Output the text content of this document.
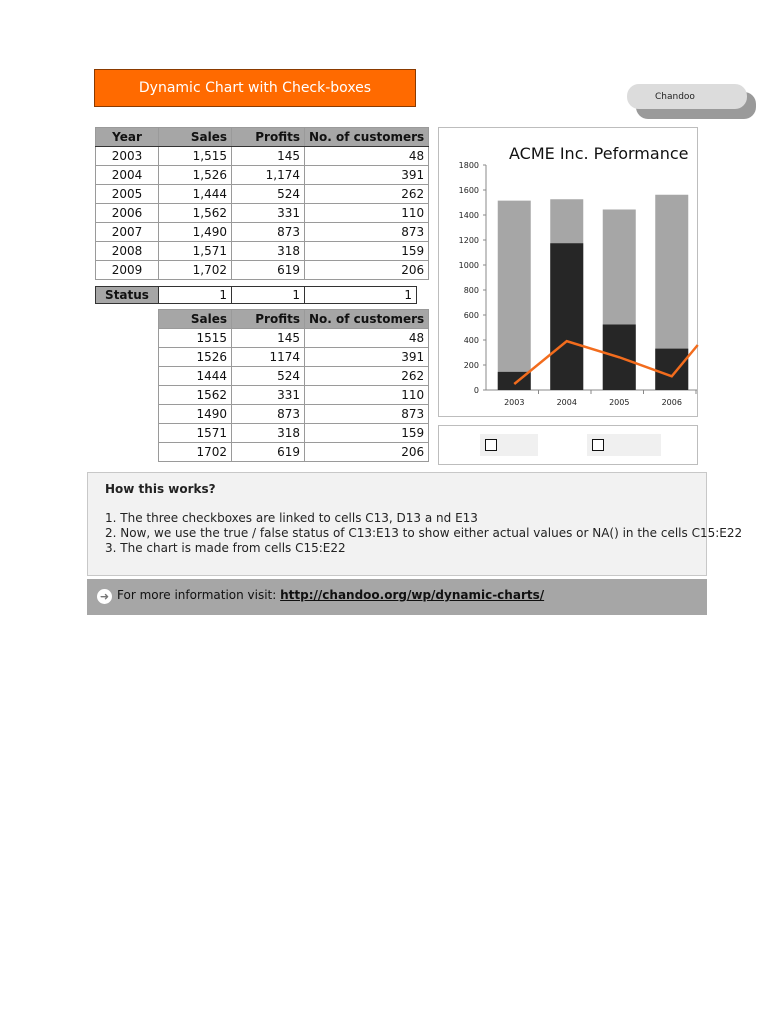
Dynamic Chart with Check-boxes
Chandoo
Year	Sales	Profits	No. of customers
2003	1,515	145	48
2004	1,526	1,174	391
2005	1,444	524	262
2006	1,562	331	110
2007	1,490	873	873
2008	1,571	318	159
2009	1,702	619	206
Status	1	1	1
Sales	Profits	No. of customers
1515	145	48
1526	1174	391
1444	524	262
1562	331	110
1490	873	873
1571	318	159
1702	619	206
ACME Inc. Peformance
0
200
400
600
800
1000
1200
1400
1600
1800
2003	2004	2005	2006
How this works?
1. The three checkboxes are linked to cells C13, D13 a nd E13
2. Now, we use the true / false status of C13:E13 to show either actual values or NA() in the cells C15:E22
3. The chart is made from cells C15:E22
➜ For more information visit: http://chandoo.org/wp/dynamic-charts/
